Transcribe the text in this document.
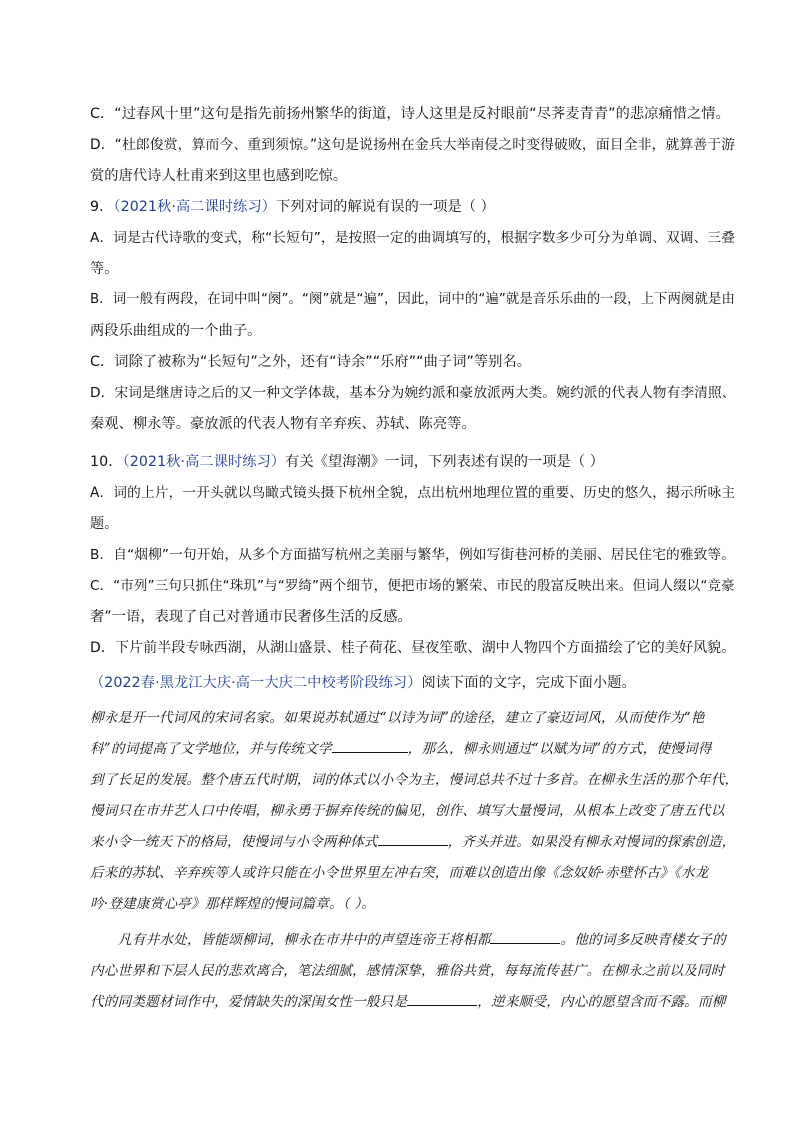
C．“过春风十里”这句是指先前扬州繁华的街道，诗人这里是反衬眼前“尽荠麦青青”的悲凉痛惜之情。
D．“杜郎俊赏，算而今、重到须惊。”这句是说扬州在金兵大举南侵之时变得破败，面目全非，就算善于游
赏的唐代诗人杜甫来到这里也感到吃惊。
9．（2021秋·高二课时练习）下列对词的解说有误的一项是（ ）
A．词是古代诗歌的变式，称“长短句”，是按照一定的曲调填写的，根据字数多少可分为单调、双调、三叠
等。
B．词一般有两段，在词中叫“阕”。“阕”就是“遍”，因此，词中的“遍”就是音乐乐曲的一段，上下两阕就是由
两段乐曲组成的一个曲子。
C．词除了被称为“长短句”之外，还有“诗余”“乐府”“曲子词”等别名。
D．宋词是继唐诗之后的又一种文学体裁，基本分为婉约派和豪放派两大类。婉约派的代表人物有李清照、
秦观、柳永等。豪放派的代表人物有辛弃疾、苏轼、陈亮等。
10．（2021秋·高二课时练习）有关《望海潮》一词，下列表述有误的一项是（ ）
A．词的上片，一开头就以鸟瞰式镜头摄下杭州全貌，点出杭州地理位置的重要、历史的悠久，揭示所咏主
题。
B．自“烟柳”一句开始，从多个方面描写杭州之美丽与繁华，例如写街巷河桥的美丽、居民住宅的雅致等。
C．“市列”三句只抓住“珠玑”与“罗绮”两个细节，便把市场的繁荣、市民的殷富反映出来。但词人缀以“竞豪
奢”一语，表现了自己对普通市民奢侈生活的反感。
D．下片前半段专咏西湖，从湖山盛景、桂子荷花、昼夜笙歌、湖中人物四个方面描绘了它的美好风貌。
（2022春·黑龙江大庆·高一大庆二中校考阶段练习）阅读下面的文字，完成下面小题。
柳永是开一代词风的宋词名家。如果说苏轼通过“以诗为词”的途径，建立了豪迈词风，从而使作为“艳
科”的词提高了文学地位，并与传统文学	，那么，柳永则通过“以赋为词”的方式，使慢词得
到了长足的发展。整个唐五代时期，词的体式以小令为主，慢词总共不过十多首。在柳永生活的那个年代，
慢词只在市井艺人口中传唱，柳永勇于摒弃传统的偏见，创作、填写大量慢词，从根本上改变了唐五代以
来小令一统天下的格局，使慢词与小令两种体式	，齐头并进。如果没有柳永对慢词的探索创造，
后来的苏轼、辛弃疾等人或许只能在小令世界里左冲右突，而难以创造出像《念奴娇·赤壁怀古》《水龙
吟·登建康赏心亭》那样辉煌的慢词篇章。（ ）。
凡有井水处，皆能颂柳词，柳永在市井中的声望连帝王将相都	。他的词多反映青楼女子的
内心世界和下层人民的悲欢离合，笔法细腻，感情深挚，雅俗共赏，每每流传甚广。在柳永之前以及同时
代的同类题材词作中，爱情缺失的深闺女性一般只是	，逆来顺受，内心的愿望含而不露。而柳
